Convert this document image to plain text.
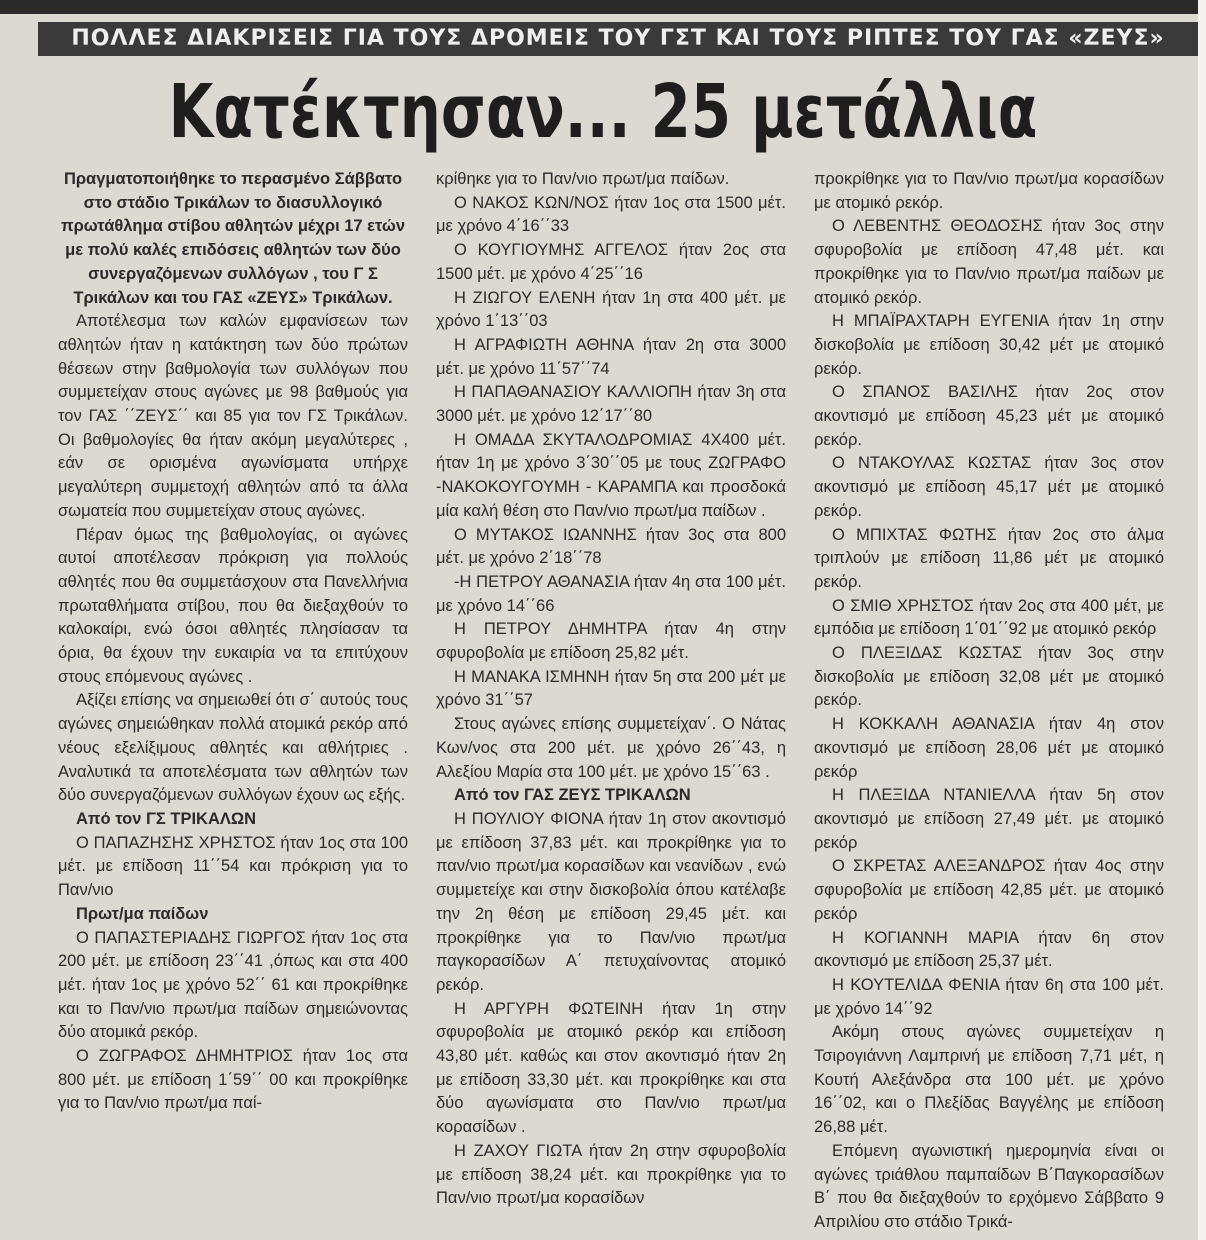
ΠΟΛΛΕΣ ΔΙΑΚΡΙΣΕΙΣ ΓΙΑ ΤΟΥΣ ΔΡΟΜΕΙΣ ΤΟΥ ΓΣΤ ΚΑΙ ΤΟΥΣ ΡΙΠΤΕΣ ΤΟΥ ΓΑΣ «ΖΕΥΣ»
Κατέκτησαν... 25 μετάλλια

Πραγματοποιήθηκε το περασμένο Σάββατο στο στάδιο Τρικάλων το διασυλλογικό πρωτάθλημα στίβου αθλητών μέχρι 17 ετών με πολύ καλές επιδόσεις αθλητών των δύο συνεργαζόμενων συλλόγων , του Γ Σ Τρικάλων και του ΓΑΣ «ΖΕΥΣ» Τρικάλων.

Αποτέλεσμα των καλών εμφανίσεων των αθλητών ήταν η κατάκτηση των δύο πρώτων θέσεων στην βαθμολογία των συλλόγων που συμμετείχαν στους αγώνες με 98 βαθμούς για τον ΓΑΣ ΄΄ΖΕΥΣ΄΄ και 85 για τον ΓΣ Τρικάλων. Οι βαθμολογίες θα ήταν ακόμη μεγαλύτερες , εάν σε ορισμένα αγωνίσματα υπήρχε μεγαλύτερη συμμετοχή αθλητών από τα άλλα σωματεία που συμμετείχαν στους αγώνες.

Πέραν όμως της βαθμολογίας, οι αγώνες αυτοί αποτέλεσαν πρόκριση για πολλούς αθλητές που θα συμμετάσχουν στα Πανελλήνια πρωταθλήματα στίβου, που θα διεξαχθούν το καλοκαίρι, ενώ όσοι αθλητές πλησίασαν τα όρια, θα έχουν την ευκαιρία να τα επιτύχουν στους επόμενους αγώνες .

Αξίζει επίσης να σημειωθεί ότι σ΄ αυτούς τους αγώνες σημειώθηκαν πολλά ατομικά ρεκόρ από νέους εξελίξιμους αθλητές και αθλήτριες . Αναλυτικά τα αποτελέσματα των αθλητών των δύο συνεργαζόμενων συλλόγων έχουν ως εξής.

Από τον ΓΣ ΤΡΙΚΑΛΩΝ

Ο ΠΑΠΑΖΗΣΗΣ ΧΡΗΣΤΟΣ ήταν 1ος στα 100 μέτ. με επίδοση 11΄΄54 και πρόκριση για το Παν/νιο

Πρωτ/μα παίδων

Ο ΠΑΠΑΣΤΕΡΙΑΔΗΣ ΓΙΩΡΓΟΣ ήταν 1ος στα 200 μέτ. με επίδοση 23΄΄41 ,όπως και στα 400 μέτ. ήταν 1ος με χρόνο 52΄΄ 61 και προκρίθηκε και το Παν/νιο πρωτ/μα παίδων σημειώνοντας δύο ατομικά ρεκόρ.

Ο ΖΩΓΡΑΦΟΣ ΔΗΜΗΤΡΙΟΣ ήταν 1ος στα 800 μέτ. με επίδοση 1΄59΄΄ 00 και προκρίθηκε για το Παν/νιο πρωτ/μα παί-

κρίθηκε για το Παν/νιο πρωτ/μα παίδων.

Ο ΝΑΚΟΣ ΚΩΝ/ΝΟΣ ήταν 1ος στα 1500 μέτ. με χρόνο 4΄16΄΄33

Ο ΚΟΥΓΙΟΥΜΗΣ ΑΓΓΕΛΟΣ ήταν 2ος στα 1500 μέτ. με χρόνο 4΄25΄΄16

Η ΖΙΩΓΟΥ ΕΛΕΝΗ ήταν 1η στα 400 μέτ. με χρόνο 1΄13΄΄03

Η ΑΓΡΑΦΙΩΤΗ ΑΘΗΝΑ ήταν 2η στα 3000 μέτ. με χρόνο 11΄57΄΄74

Η ΠΑΠΑΘΑΝΑΣΙΟΥ ΚΑΛΛΙΟΠΗ ήταν 3η στα 3000 μέτ. με χρόνο 12΄17΄΄80

Η ΟΜΑΔΑ ΣΚΥΤΑΛΟΔΡΟΜΙΑΣ 4Χ400 μέτ. ήταν 1η με χρόνο 3΄30΄΄05 με τους ΖΩΓΡΑΦΟ -ΝΑΚΟΚΟΥΓΟΥΜΗ - ΚΑΡΑΜΠΑ και προσδοκά μία καλή θέση στο Παν/νιο πρωτ/μα παίδων .

Ο ΜΥΤΑΚΟΣ ΙΩΑΝΝΗΣ ήταν 3ος στα 800 μέτ. με χρόνο 2΄18΄΄78

-Η ΠΕΤΡΟΥ ΑΘΑΝΑΣΙΑ ήταν 4η στα 100 μέτ. με χρόνο 14΄΄66

Η ΠΕΤΡΟΥ ΔΗΜΗΤΡΑ ήταν 4η στην σφυροβολία με επίδοση 25,82 μέτ.

Η ΜΑΝΑΚΑ ΙΣΜΗΝΗ ήταν 5η στα 200 μέτ με χρόνο 31΄΄57

Στους αγώνες επίσης συμμετείχαν΄. Ο Νάτας Κων/νος στα 200 μέτ. με χρόνο 26΄΄43, η Αλεξίου Μαρία στα 100 μέτ. με χρόνο 15΄΄63 .

Από τον ΓΑΣ ΖΕΥΣ ΤΡΙΚΑΛΩΝ

Η ΠΟΥΛΙΟΥ ΦΙΟΝΑ ήταν 1η στον ακοντισμό με επίδοση 37,83 μέτ. και προκρίθηκε για το παν/νιο πρωτ/μα κορασίδων και νεανίδων , ενώ συμμετείχε και στην δισκοβολία όπου κατέλαβε την 2η θέση με επίδοση 29,45 μέτ. και προκρίθηκε για το Παν/νιο πρωτ/μα παγκορασίδων Α΄ πετυχαίνοντας ατομικό ρεκόρ.

Η ΑΡΓΥΡΗ ΦΩΤΕΙΝΗ ήταν 1η στην σφυροβολία με ατομικό ρεκόρ και επίδοση 43,80 μέτ. καθώς και στον ακοντισμό ήταν 2η με επίδοση 33,30 μέτ. και προκρίθηκε και στα δύο αγωνίσματα στο Παν/νιο πρωτ/μα κορασίδων .

Η ΖΑΧΟΥ ΓΙΩΤΑ ήταν 2η στην σφυροβολία με επίδοση 38,24 μέτ. και προκρίθηκε για το Παν/νιο πρωτ/μα κορασίδων

προκρίθηκε για το Παν/νιο πρωτ/μα κορασίδων με ατομικό ρεκόρ.

Ο ΛΕΒΕΝΤΗΣ ΘΕΟΔΟΣΗΣ ήταν 3ος στην σφυροβολία με επίδοση 47,48 μέτ. και προκρίθηκε για το Παν/νιο πρωτ/μα παίδων με ατομικό ρεκόρ.

Η ΜΠΑΪΡΑΧΤΑΡΗ ΕΥΓΕΝΙΑ ήταν 1η στην δισκοβολία με επίδοση 30,42 μέτ με ατομικό ρεκόρ.

Ο ΣΠΑΝΟΣ ΒΑΣΙΛΗΣ ήταν 2ος στον ακοντισμό με επίδοση 45,23 μέτ με ατομικό ρεκόρ.

Ο ΝΤΑΚΟΥΛΑΣ ΚΩΣΤΑΣ ήταν 3ος στον ακοντισμό με επίδοση 45,17 μέτ με ατομικό ρεκόρ.

Ο ΜΠΙΧΤΑΣ ΦΩΤΗΣ ήταν 2ος στο άλμα τριπλούν με επίδοση 11,86 μέτ με ατομικό ρεκόρ.

Ο ΣΜΙΘ ΧΡΗΣΤΟΣ ήταν 2ος στα 400 μέτ, με εμπόδια με επίδοση 1΄01΄΄92 με ατομικό ρεκόρ

Ο ΠΛΕΞΙΔΑΣ ΚΩΣΤΑΣ ήταν 3ος στην δισκοβολία με επίδοση 32,08 μέτ με ατομικό ρεκόρ.

Η ΚΟΚΚΑΛΗ ΑΘΑΝΑΣΙΑ ήταν 4η στον ακοντισμό με επίδοση 28,06 μέτ με ατομικό ρεκόρ

Η ΠΛΕΞΙΔΑ ΝΤΑΝΙΕΛΛΑ ήταν 5η στον ακοντισμό με επίδοση 27,49 μέτ. με ατομικό ρεκόρ

Ο ΣΚΡΕΤΑΣ ΑΛΕΞΑΝΔΡΟΣ ήταν 4ος στην σφυροβολία με επίδοση 42,85 μέτ. με ατομικό ρεκόρ

Η ΚΟΓΙΑΝΝΗ ΜΑΡΙΑ ήταν 6η στον ακοντισμό με επίδοση 25,37 μέτ.

Η ΚΟΥΤΕΛΙΔΑ ΦΕΝΙΑ ήταν 6η στα 100 μέτ. με χρόνο 14΄΄92

Ακόμη στους αγώνες συμμετείχαν η Τσιρογιάννη Λαμπρινή με επίδοση 7,71 μέτ, η Κουτή Αλεξάνδρα στα 100 μέτ. με χρόνο 16΄΄02, και ο Πλεξίδας Βαγγέλης με επίδοση 26,88 μέτ.

Επόμενη αγωνιστική ημερομηνία είναι οι αγώνες τριάθλου παμπαίδων Β΄Παγκορασίδων Β΄ που θα διεξαχθούν το ερχόμενο Σάββατο 9 Απριλίου στο στάδιο Τρικά-
